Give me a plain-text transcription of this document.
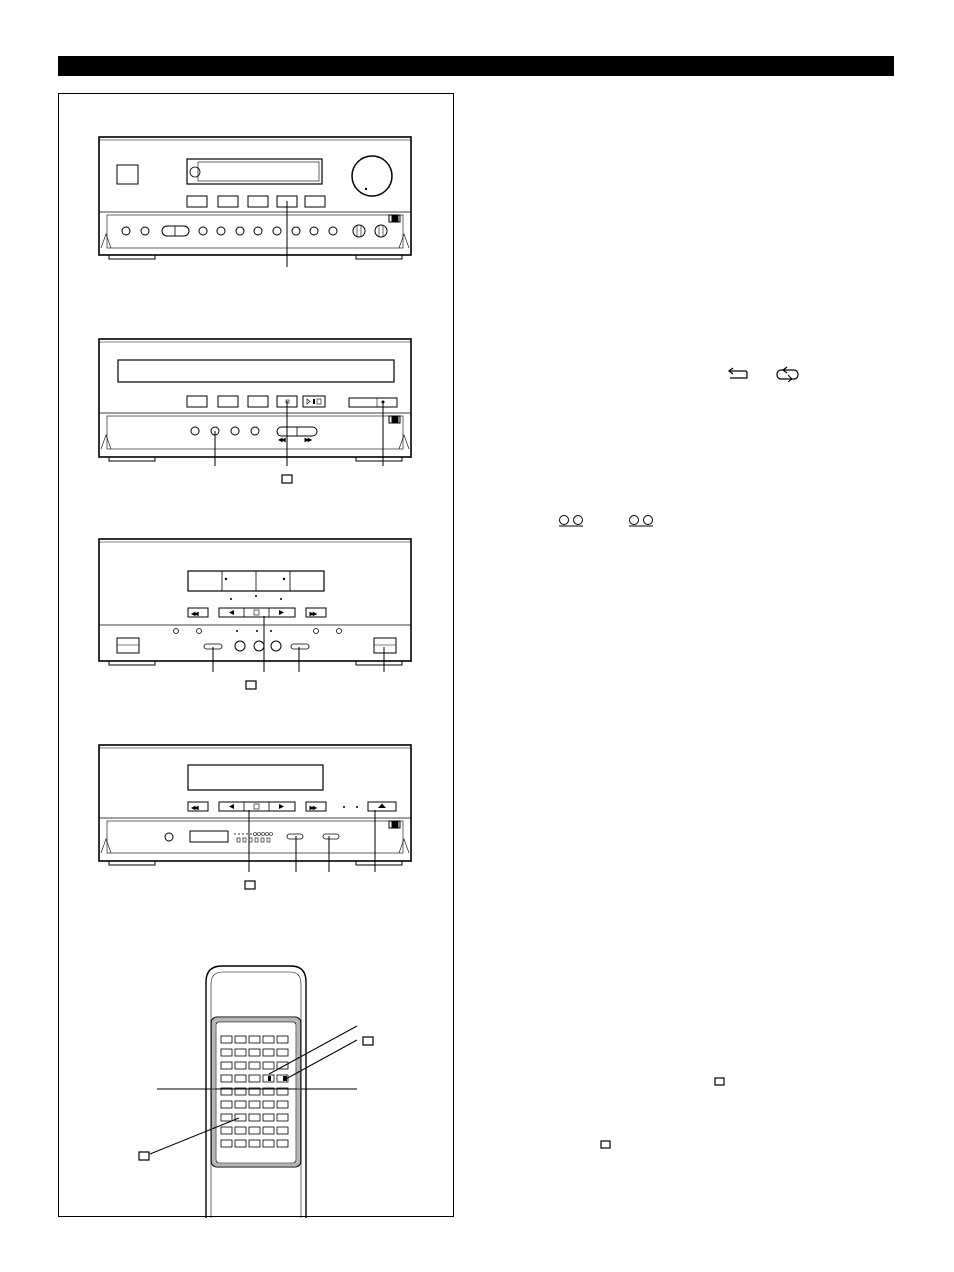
◀◀	▶▶
◀◀	▶▶
◀◀	▶▶
